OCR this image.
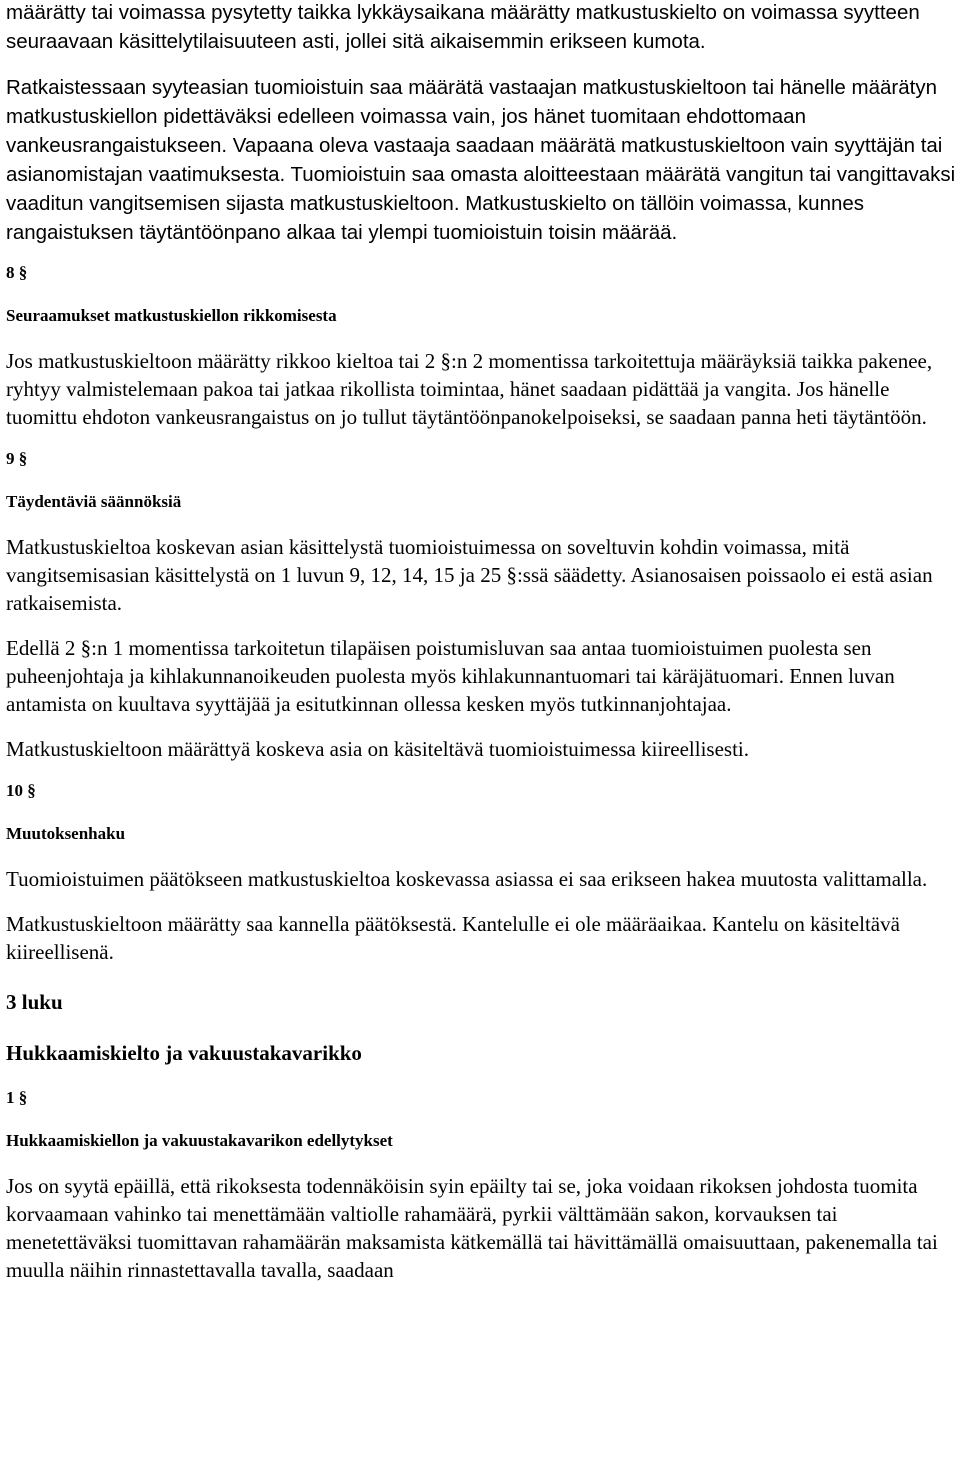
määrätty tai voimassa pysytetty taikka lykkäysaikana määrätty matkustuskielto on voimassa syytteen seuraavaan käsittelytilaisuuteen asti, jollei sitä aikaisemmin erikseen kumota.

Ratkaistessaan syyteasian tuomioistuin saa määrätä vastaajan matkustuskieltoon tai hänelle määrätyn matkustuskiellon pidettäväksi edelleen voimassa vain, jos hänet tuomitaan ehdottomaan vankeusrangaistukseen. Vapaana oleva vastaaja saadaan määrätä matkustuskieltoon vain syyttäjän tai asianomistajan vaatimuksesta. Tuomioistuin saa omasta aloitteestaan määrätä vangitun tai vangittavaksi vaaditun vangitsemisen sijasta matkustuskieltoon. Matkustuskielto on tällöin voimassa, kunnes rangaistuksen täytäntöönpano alkaa tai ylempi tuomioistuin toisin määrää.

8 §

Seuraamukset matkustuskiellon rikkomisesta

Jos matkustuskieltoon määrätty rikkoo kieltoa tai 2 §:n 2 momentissa tarkoitettuja määräyksiä taikka pakenee, ryhtyy valmistelemaan pakoa tai jatkaa rikollista toimintaa, hänet saadaan pidättää ja vangita. Jos hänelle tuomittu ehdoton vankeusrangaistus on jo tullut täytäntöönpanokelpoiseksi, se saadaan panna heti täytäntöön.

9 §

Täydentäviä säännöksiä

Matkustuskieltoa koskevan asian käsittelystä tuomioistuimessa on soveltuvin kohdin voimassa, mitä vangitsemisasian käsittelystä on 1 luvun 9, 12, 14, 15 ja 25 §:ssä säädetty. Asianosaisen poissaolo ei estä asian ratkaisemista.

Edellä 2 §:n 1 momentissa tarkoitetun tilapäisen poistumisluvan saa antaa tuomioistuimen puolesta sen puheenjohtaja ja kihlakunnanoikeuden puolesta myös kihlakunnantuomari tai käräjätuomari. Ennen luvan antamista on kuultava syyttäjää ja esitutkinnan ollessa kesken myös tutkinnanjohtajaa.

Matkustuskieltoon määrättyä koskeva asia on käsiteltävä tuomioistuimessa kiireellisesti.

10 §

Muutoksenhaku

Tuomioistuimen päätökseen matkustuskieltoa koskevassa asiassa ei saa erikseen hakea muutosta valittamalla.

Matkustuskieltoon määrätty saa kannella päätöksestä. Kantelulle ei ole määräaikaa. Kantelu on käsiteltävä kiireellisenä.

3 luku

Hukkaamiskielto ja vakuustakavarikko

1 §

Hukkaamiskiellon ja vakuustakavarikon edellytykset

Jos on syytä epäillä, että rikoksesta todennäköisin syin epäilty tai se, joka voidaan rikoksen johdosta tuomita korvaamaan vahinko tai menettämään valtiolle rahamäärä, pyrkii välttämään sakon, korvauksen tai menetettäväksi tuomittavan rahamäärän maksamista kätkemällä tai hävittämällä omaisuuttaan, pakenemalla tai muulla näihin rinnastettavalla tavalla, saadaan
